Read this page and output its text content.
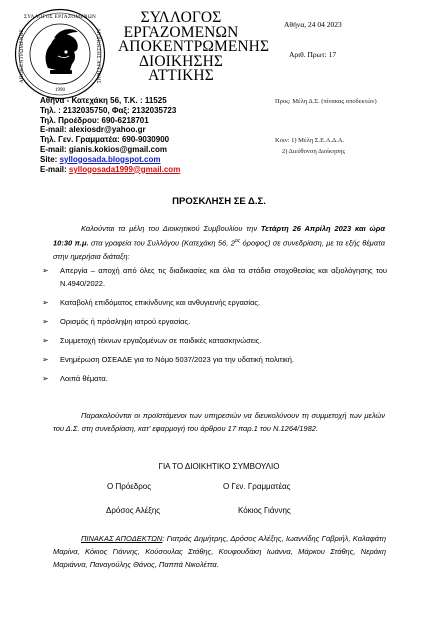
ΣΥΛΛΟΓΟΣ ΕΡΓΑΖΟΜΕΝΩΝ
ΑΠΟΚΕΝΤΡΩΜΕΝΗΣ	ΔΙΟΙΚΗΣΗΣ ΑΤΤΙΚΗΣ
1990
ΣΥΛΛΟΓΟΣ
ΕΡΓΑΖΟΜΕΝΩΝ
ΑΠΟΚΕΝΤΡΩΜΕΝΗΣ
ΔΙΟΙΚΗΣΗΣ
ΑΤΤΙΚΗΣ
Αθήνα, 24 04 2023
Αριθ. Πρωτ: 17
Αθήνα - Κατεχάκη 56, Τ.Κ. : 11525
Τηλ. : 2132035750, Φαξ: 2132035723
Τηλ. Προέδρου: 690-6218701
E-mail: alexiosdr@yahoo.gr
Τηλ. Γεν. Γραμματέα: 690-9030900
E-mail: gianis.kokios@gmail.com
Site: syllogosada.blogspot.com
E-mail: syllogosada1999@gmail.com
Προς: Μέλη Δ.Σ. (πίνακας αποδεκτών)
Κοιν: 1) Μέλη Σ.Ε.Α.Δ.Α.
2) Διεύθυνση Διοίκησης
ΠΡΟΣΚΛΗΣΗ ΣΕ Δ.Σ.

Καλούνται τα μέλη του Διοικητικού Συμβουλίου την Τετάρτη 26 Απρίλη 2023 και ώρα 10:30 π.μ. στα γραφεία του Συλλόγου (Κατεχάκη 56, $2^{o\varsigma}$ όροφος) σε συνεδρίαση, με τα εξής θέματα στην ημερήσια διάταξη:

➢ Απεργία – αποχή από όλες τις διαδικασίες και όλα τα στάδια στοχοθεσίας και αξιολόγησης του Ν.4940/2022.
➢ Καταβολή επιδόματος επικίνδυνης και ανθυγιεινής εργασίας.
➢ Ορισμός ή πρόσληψη ιατρού εργασίας.
➢ Συμμετοχή τέκνων εργαζομένων σε παιδικές κατασκηνώσεις.
➢ Ενημέρωση ΟΣΕΑΔΕ για το Νόμο 5037/2023 για την υδατική πολιτική.
➢ Λοιπά θέματα.

Παρακαλούνται οι προϊστάμενοι των υπηρεσιών να διευκολύνουν τη συμμετοχή των μελών του Δ.Σ. στη συνεδρίαση, κατ' εφαρμογή του άρθρου 17 παρ.1 του Ν.1264/1982.

ΓΙΑ ΤΟ ΔΙΟΙΚΗΤΙΚΟ ΣΥΜΒΟΥΛΙΟ
Ο Πρόεδρος	Ο Γεν. Γραμματέας
Δρόσος Αλέξης	Κόκιος Γιάννης

ΠΙΝΑΚΑΣ ΑΠΟΔΕΚΤΩΝ: Γιατράς Δημήτρης, Δρόσος Αλέξης, Ιωαννίδης Γαβριήλ, Καλαφάτη Μαρίνα, Κόκιος Γιάννης, Κούσουλας Στάθης, Κουφουδάκη Ιωάννα, Μάρκου Στάθης, Νεράκη Μαριάννα, Παναγούλης Θάνος, Παππά Νικολέττα.
